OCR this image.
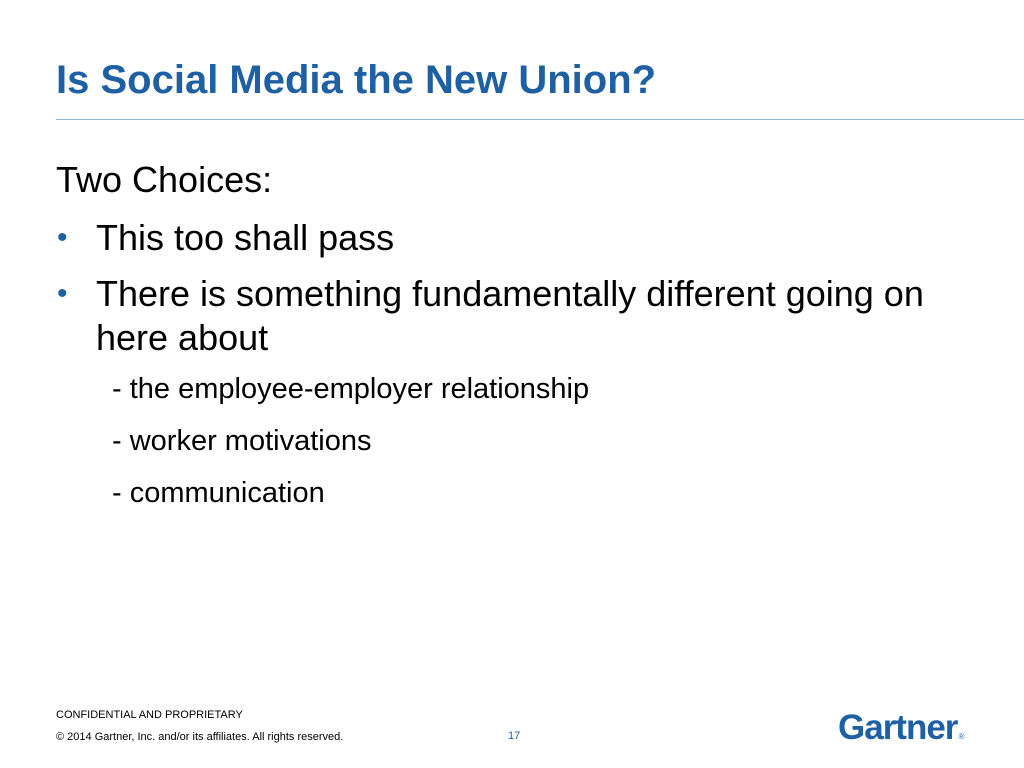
Is Social Media the New Union?

Two Choices:

• This too shall pass
• There is something fundamentally different going on here about

- the employee-employer relationship

- worker motivations

- communication

CONFIDENTIAL AND PROPRIETARY
© 2014 Gartner, Inc. and/or its affiliates. All rights reserved.	17	Gartner®
